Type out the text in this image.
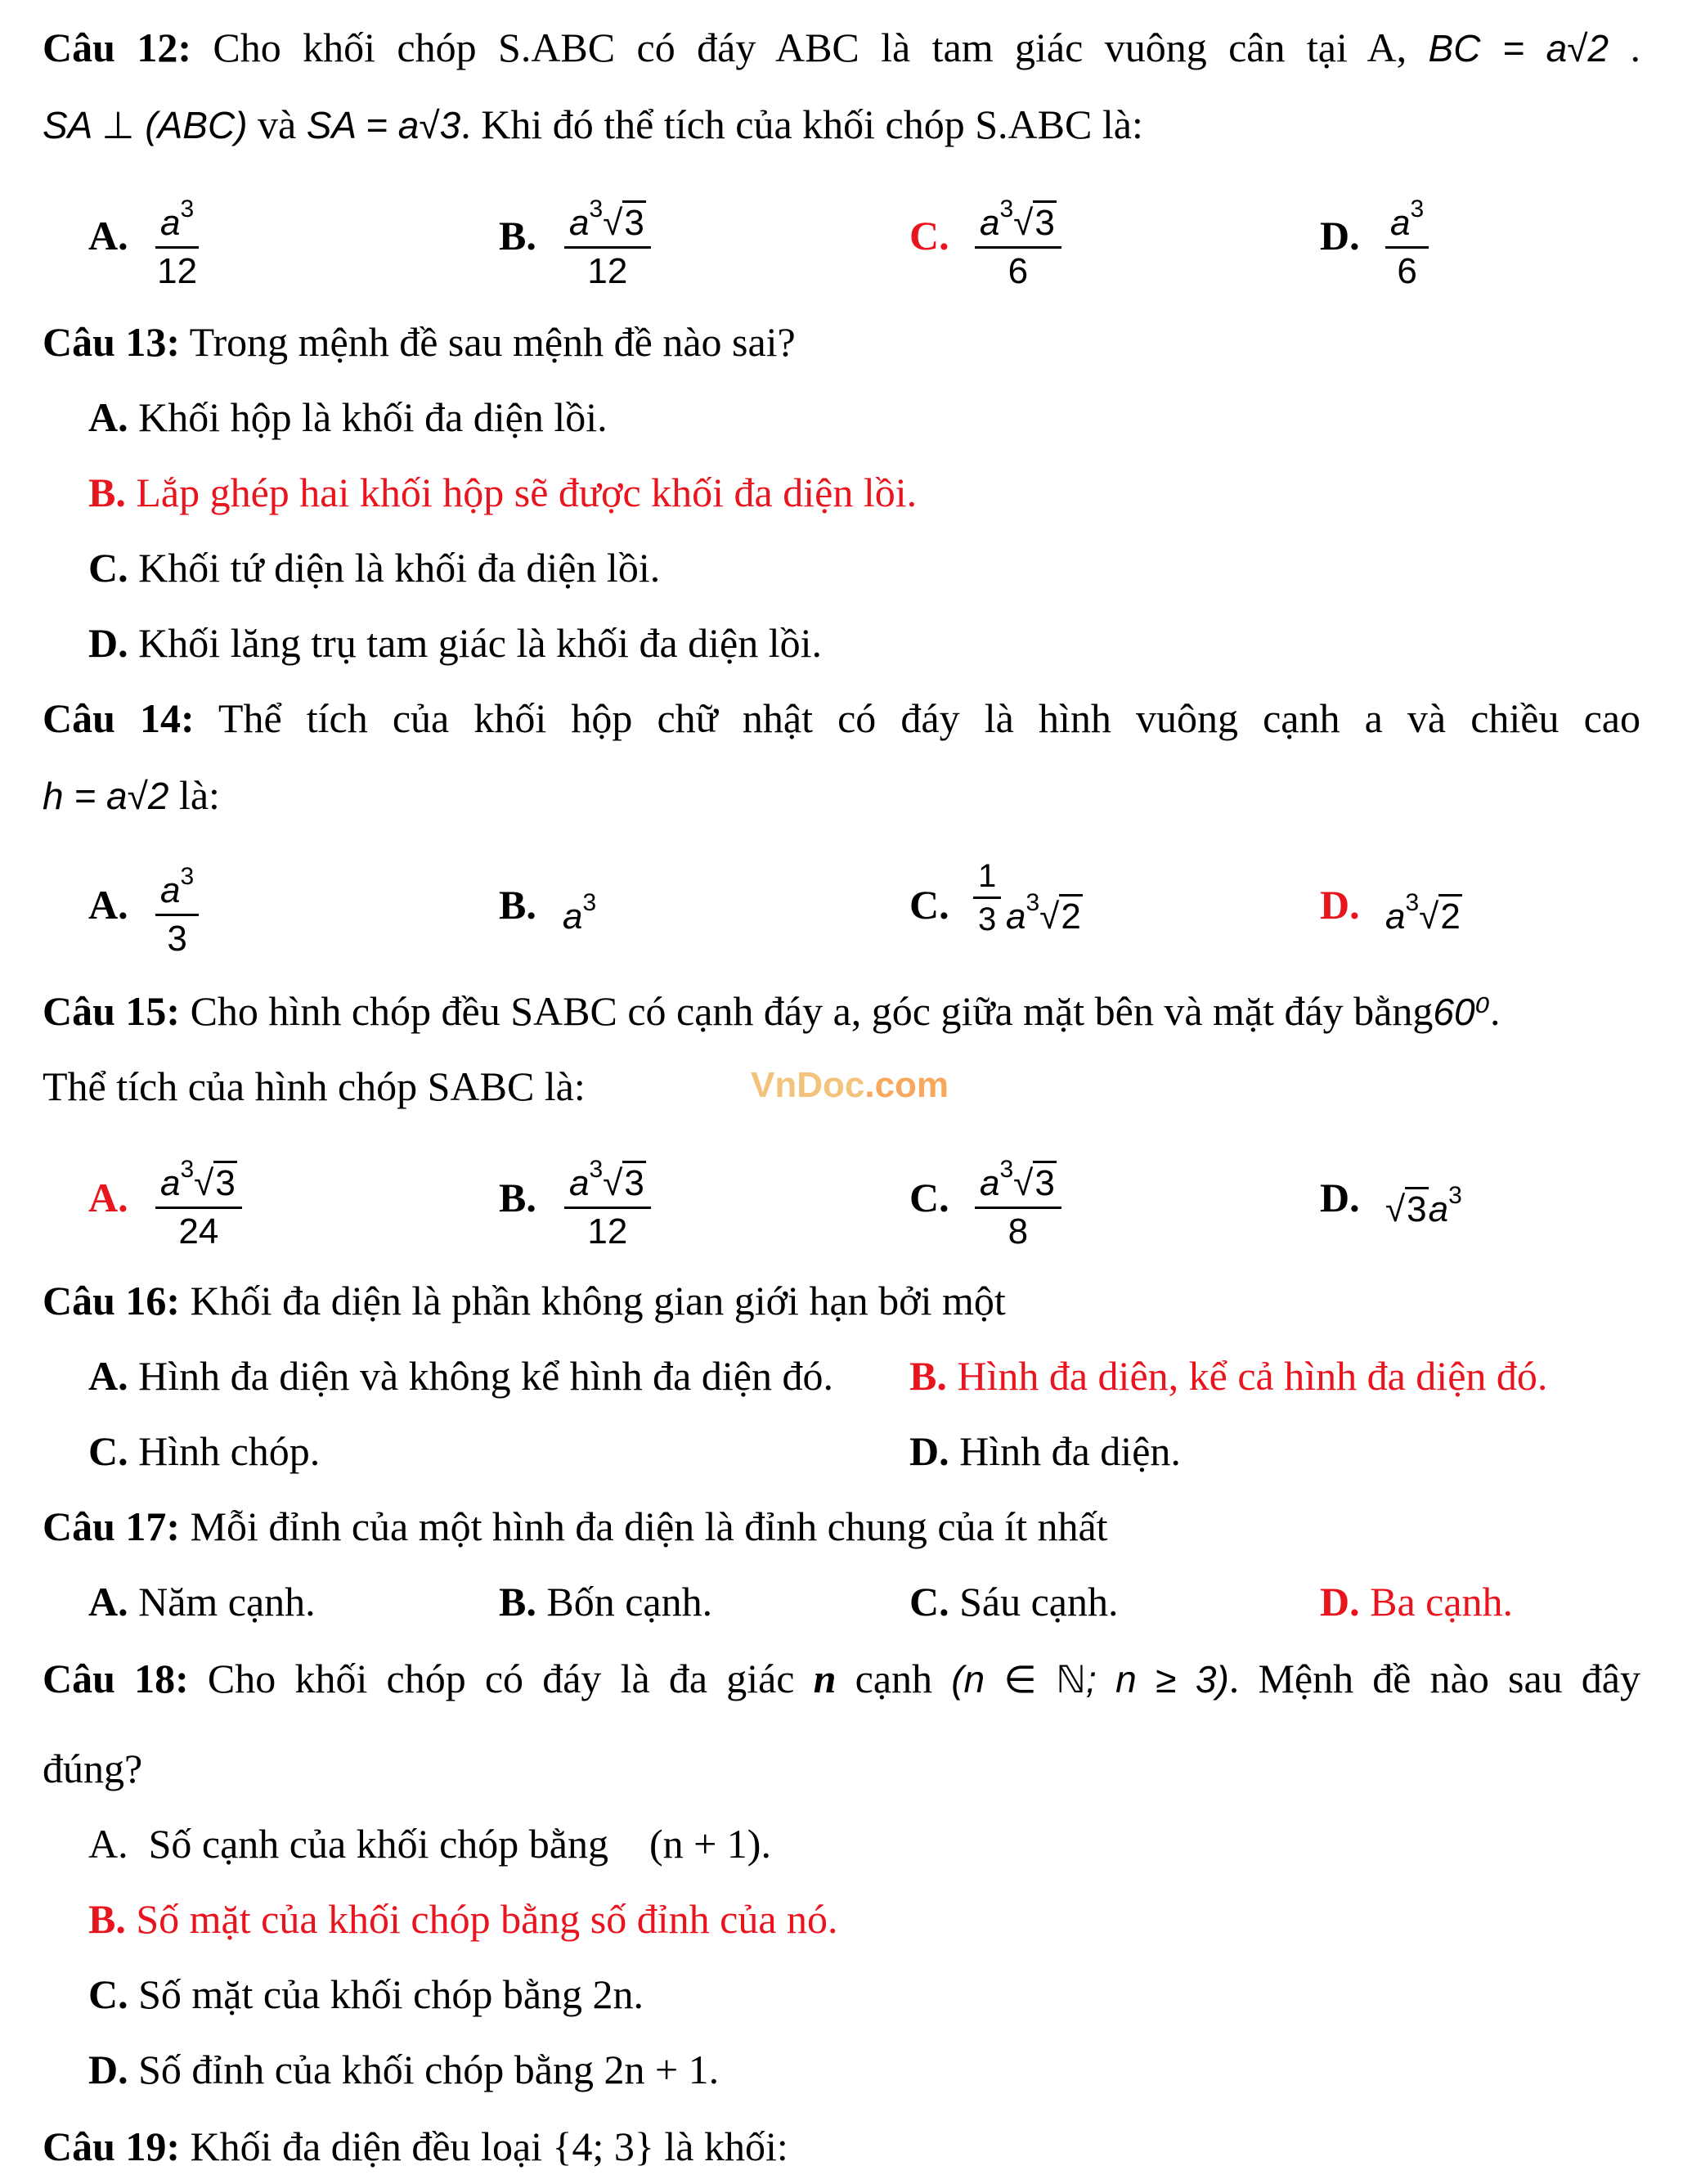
Câu 12: Cho khối chóp S.ABC có đáy ABC là tam giác vuông cân tại A, BC = a√2 .
SA ⊥ (ABC) và SA = a√3. Khi đó thể tích của khối chóp S.ABC là:
A. $a^3$
12
B. $a^3√3$
12
C. $a^3√3$
6
D. $a^3$
6
Câu 13: Trong mệnh đề sau mệnh đề nào sai?
A. Khối hộp là khối đa diện lồi.
B. Lắp ghép hai khối hộp sẽ được khối đa diện lồi.
C. Khối tứ diện là khối đa diện lồi.
D. Khối lăng trụ tam giác là khối đa diện lồi.
Câu 14: Thể tích của khối hộp chữ nhật có đáy là hình vuông cạnh a và chiều cao
h = a√2 là:
A. $a^3$
3
B. $a^3$	C.
1
3 $a^3√2$	D. $a^3√2$
Câu 15: Cho hình chóp đều SABC có cạnh đáy a, góc giữa mặt bên và mặt đáy bằng60⁰.
Thể tích của hình chóp SABC là:	VnDoc.com
A. $a^3√3$
24
B. $a^3√3$
12
C. $a^3√3$
8
D. $√3a^3$
Câu 16: Khối đa diện là phần không gian giới hạn bởi một
A. Hình đa diện và không kể hình đa diện đó. B. Hình đa diên, kể cả hình đa diện đó.
C. Hình chóp.	D. Hình đa diện.
Câu 17: Mỗi đỉnh của một hình đa diện là đỉnh chung của ít nhất
A. Năm cạnh.	B. Bốn cạnh.	C. Sáu cạnh.	D. Ba cạnh.
Câu 18: Cho khối chóp có đáy là đa giác n cạnh (n ∈ ℕ; n ≥ 3). Mệnh đề nào sau đây
đúng?
A.  Số cạnh của khối chóp bằng    (n + 1).
B. Số mặt của khối chóp bằng số đỉnh của nó.
C. Số mặt của khối chóp bằng 2n.
D. Số đỉnh của khối chóp bằng 2n + 1.
Câu 19: Khối đa diện đều loại {4; 3} là khối:
